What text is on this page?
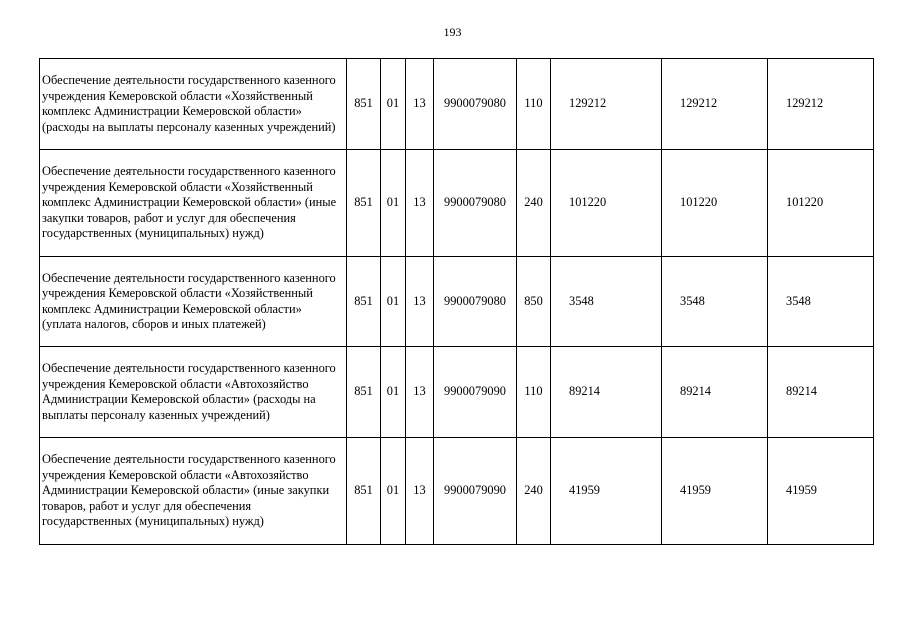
193
Обеспечение деятельности государственного казенного учреждения Кемеровской области «Хозяйственный комплекс Администрации Кемеровской области» (расходы на выплаты персоналу казенных учреждений)	851	01	13	9900079080	110	129212	129212	129212
Обеспечение деятельности государственного казенного учреждения Кемеровской области «Хозяйственный комплекс Администрации Кемеровской области» (иные закупки товаров, работ и услуг для обеспечения государственных (муниципальных) нужд)	851	01	13	9900079080	240	101220	101220	101220
Обеспечение деятельности государственного казенного учреждения Кемеровской области «Хозяйственный комплекс Администрации Кемеровской области» (уплата налогов, сборов и иных платежей)	851	01	13	9900079080	850	3548	3548	3548
Обеспечение деятельности государственного казенного учреждения Кемеровской области «Автохозяйство Администрации Кемеровской области» (расходы на выплаты персоналу казенных учреждений)	851	01	13	9900079090	110	89214	89214	89214
Обеспечение деятельности государственного казенного учреждения Кемеровской области «Автохозяйство Администрации Кемеровской области» (иные закупки товаров, работ и услуг для обеспечения государственных (муниципальных) нужд)	851	01	13	9900079090	240	41959	41959	41959
